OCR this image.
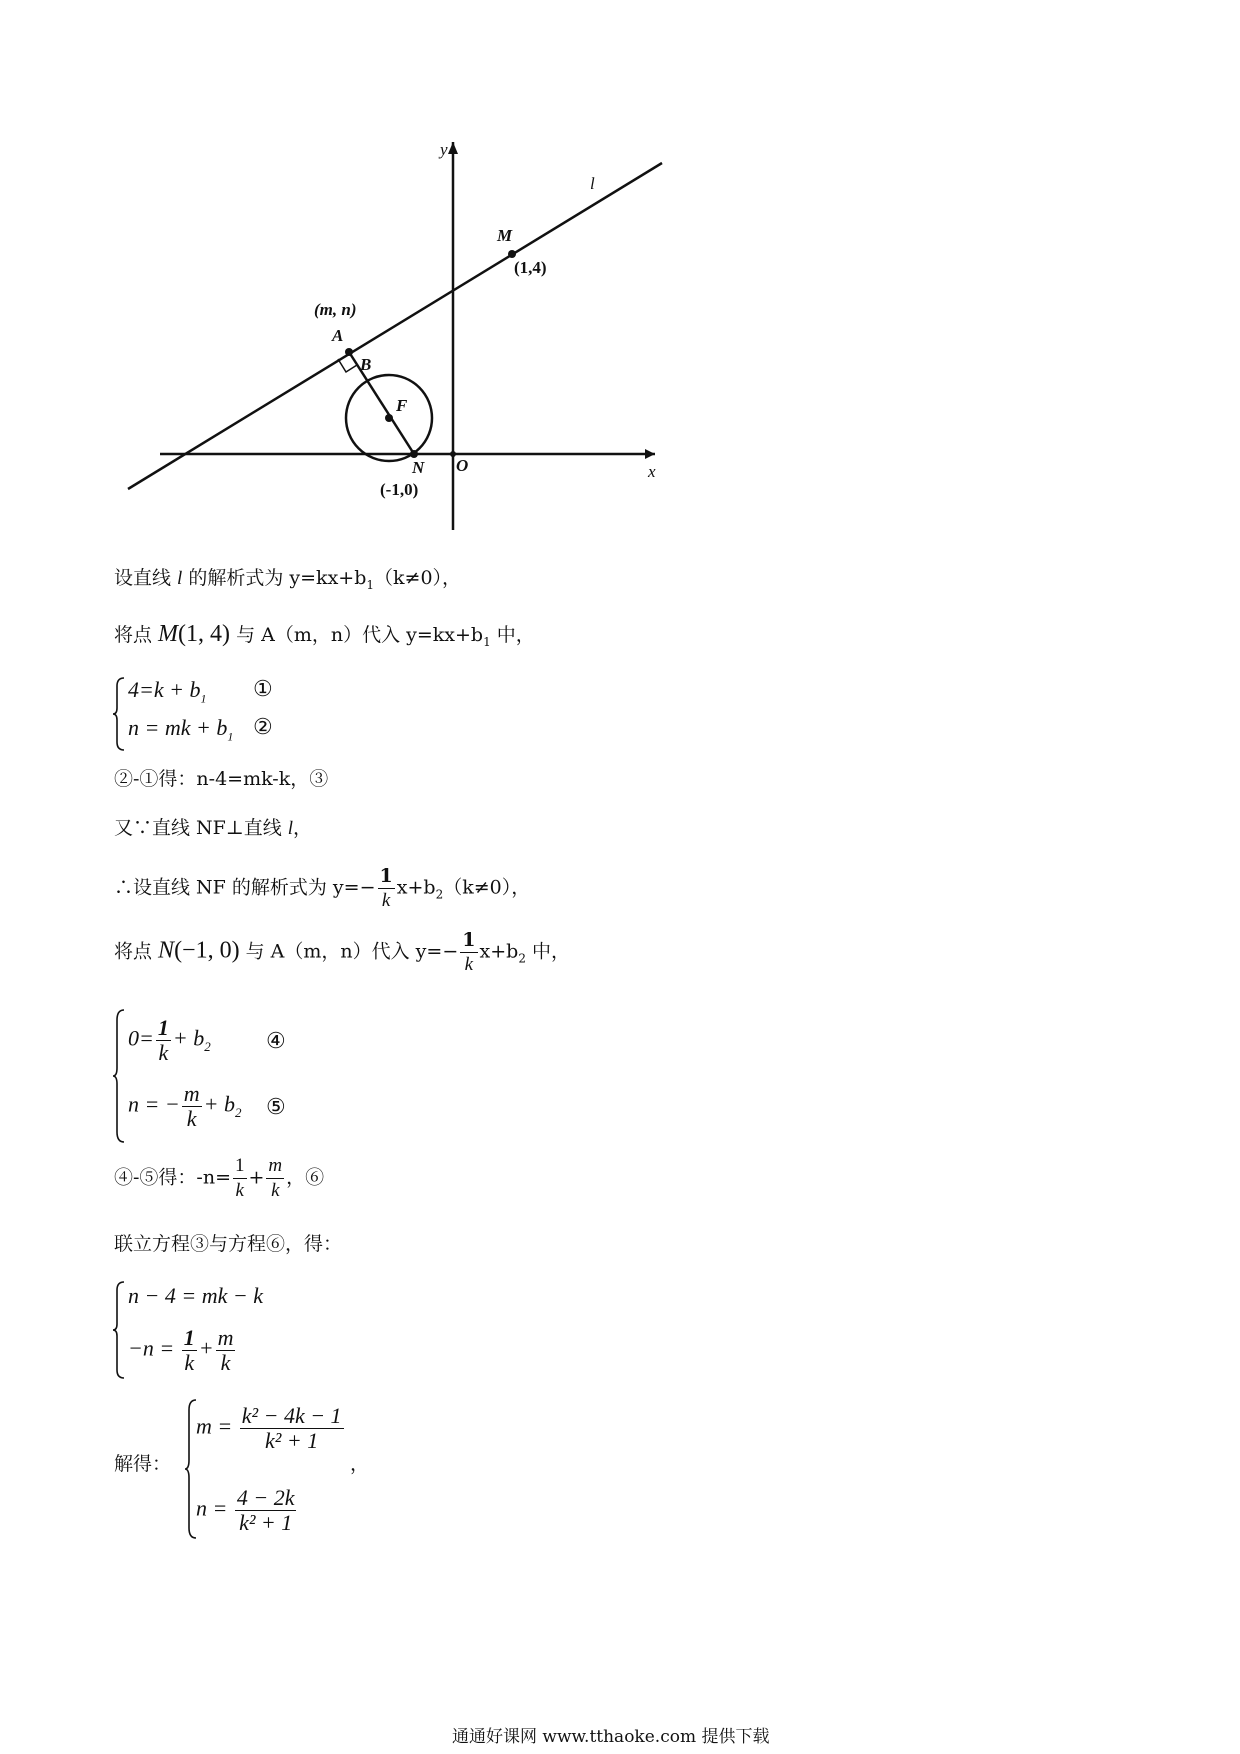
y
x
l
M
(1,4)
(m, n)
A
B
F
N O
(-1,0)
设直线 l 的解析式为 $y=kx+b_1(k\ne 0)$，
将点 M(1, 4) 与 A（m，n）代入 $y=kx+b_1$ 中，
$4=k + b_1$ ①
n = mk + $b_1$ ②
②-①得：n-4=mk-k，③
又∵直线 NF⊥直线 l，
∴设直线 NF 的解析式为 $y=- \frac{1}{k} x+b_2(k\ne 0)$，
将点 N(−1, 0) 与 A（m，n）代入 $y=- \frac{1}{k} x+b_2$ 中，
$0= \frac{1}{k} + b_2$	④
n = − $\frac{m}{k} + b_2$ ⑤
④-⑤得：$-n= \frac{1}{k} + \frac{m}{k}$ ，⑥
联立方程③与方程⑥，得：
n − 4 = mk − k
$-n = \frac{1}{k} + \frac{m}{k}$
解得：
$m = \frac{\text{k² − 4k − 1}}{\text{k² + 1}}$
，
$n = \frac{4 - 2k}{\text{k² + 1}}$
通通好课网 www.tthaoke.com 提供下载
